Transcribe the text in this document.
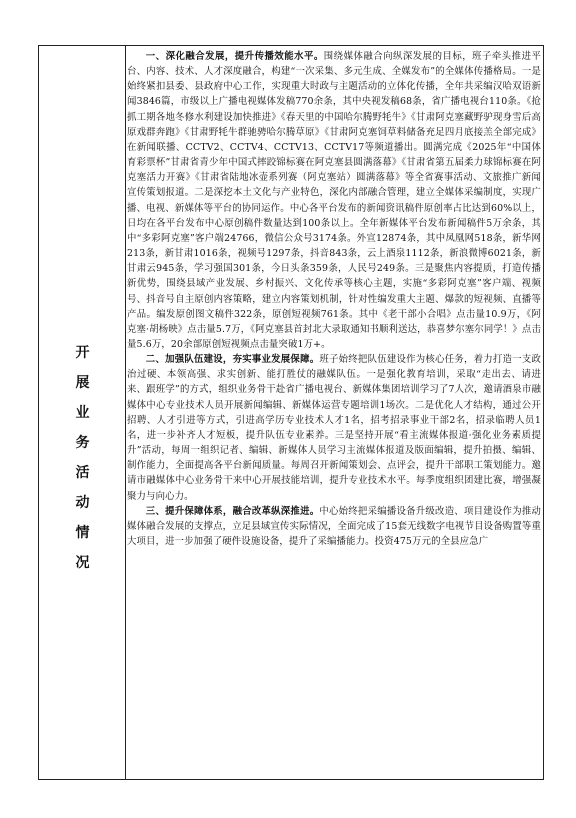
开
展
业
务
活
动
情
况

一、深化融合发展，提升传播效能水平。围绕媒体融合向纵深发展的目标，班子牵头推进平台、内容、技术、人才深度融合，构建“一次采集、多元生成、全媒发布”的全媒体传播格局。一是始终紧扣县委、县政府中心工作，实现重大时政与主题活动的立体化传播，全年共采编汉哈双语新闻3846篇，市级以上广播电视媒体发稿770余条，其中央视发稿68条，省广播电视台110条。《抢抓工期各地冬修水利建设加快推进》《春天里的中国哈尔腾野牦牛》《甘肃阿克塞藏野驴现身雪后高原戏群奔跑》《甘肃野牦牛群驰骋哈尔腾草原》《甘肃阿克塞饲草料储备充足四月底接羔全部完成》在新闻联播、CCTV2、CCTV4、CCTV13、CCTV17等频道播出。圆满完成《2025年“中国体育彩票杯”甘肃省青少年中国式摔跤锦标赛在阿克塞县圆满落幕》《甘肃省第五届柔力球锦标赛在阿克塞活力开赛》《甘肃省陆地冰壶系列赛（阿克塞站）圆满落幕》等全省赛事活动、文旅推广新闻宣传策划报道。二是深挖本土文化与产业特色，深化内部融合管理，建立全媒体采编制度，实现广播、电视、新媒体等平台的协同运作。中心各平台发布的新闻资讯稿件原创率占比达到60%以上，日均在各平台发布中心原创稿件数量达到100条以上。全年新媒体平台发布新闻稿件5万余条，其中“多彩阿克塞”客户端24766，微信公众号3174条。外宣12874条，其中凤凰网518条，新华网213条，新甘肃1016条，视频号1297条，抖音843条，云上酒泉1112条，新浪微博6021条，新甘肃云945条，学习强国301条，今日头条359条，人民号249条。三是聚焦内容提质，打造传播新优势，围绕县域产业发展、乡村振兴、文化传承等核心主题，实施“多彩阿克塞”客户端、视频号、抖音号自主原创内容策略，建立内容策划机制，针对性编发重大主题、爆款的短视频、直播等产品。编发原创图文稿件322条，原创短视频761条。其中《老干部小合唱》点击量10.9万，《阿克塞·胡杨映》点击量5.7万，《阿克塞县首封北大录取通知书顺利送达，恭喜梦尔塞尔同学！》点击量5.6万，20余部原创短视频点击量突破1万+。

二、加强队伍建设，夯实事业发展保障。班子始终把队伍建设作为核心任务，着力打造一支政治过硬、本领高强、求实创新、能打胜仗的融媒队伍。一是强化教育培训，采取“走出去、请进来、跟班学”的方式，组织业务骨干赴省广播电视台、新媒体集团培训学习了7人次，邀请酒泉市融媒体中心专业技术人员开展新闻编辑、新媒体运营专题培训1场次。二是优化人才结构，通过公开招聘、人才引进等方式，引进高学历专业技术人才1名，招考招录事业干部2名，招录临聘人员1名，进一步补齐人才短板，提升队伍专业素养。三是坚持开展“看主流媒体报道·强化业务素质提升”活动，每周一组织记者、编辑、新媒体人员学习主流媒体报道及版面编辑，提升拍摄、编辑、制作能力，全面提高各平台新闻质量。每周召开新闻策划会、点评会，提升干部职工策划能力。邀请市融媒体中心业务骨干来中心开展技能培训，提升专业技术水平。每季度组织团建比赛，增强凝聚力与向心力。

三、提升保障体系，融合改革纵深推进。中心始终把采编播设备升级改造、项目建设作为推动媒体融合发展的支撑点，立足县域宣传实际情况，全面完成了15套无线数字电视节目设备购置等重大项目，进一步加强了硬件设施设备，提升了采编播能力。投资475万元的全县应急广
